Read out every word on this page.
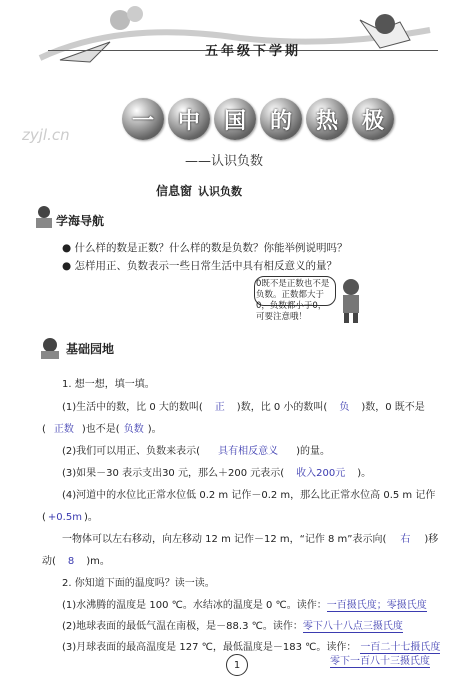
五年级下学期
一	中	国	的	热	极
zyjl.cn
——认识负数
信息窗 认识负数
学海导航
● 什么样的数是正数？什么样的数是负数？你能举例说明吗？
● 怎样用正、负数表示一些日常生活中具有相反意义的量？
0既不是正数也不是负数。正数都大于0，负数都小于0，可要注意哦！
基础园地
1. 想一想，填一填。
(1)生活中的数，比 0 大的数叫( 正 )数，比 0 小的数叫( 负 )数，0 既不是
( 正数 )也不是( 负数 )。
(2)我们可以用正、负数来表示( 具有相反意义 )的量。
(3)如果－30 表示支出30 元，那么＋200 元表示( 收入200元 )。
(4)河道中的水位比正常水位低 0.2 m 记作－0.2 m，那么比正常水位高 0.5 m 记作
( +0.5m )。
一物体可以左右移动，向左移动 12 m 记作－12 m，“记作 8 m”表示向( 右 )移
动( 8 )m。
2. 你知道下面的温度吗？读一读。
(1)水沸腾的温度是 100 ℃。水结冰的温度是 0 ℃。读作：一百摄氏度；零摄氏度
(2)地球表面的最低气温在南极，是－88.3 ℃。读作：零下八十八点三摄氏度
(3)月球表面的最高温度是 127 ℃，最低温度是－183 ℃。读作： 一百二十七摄氏度
零下一百八十三摄氏度
1
